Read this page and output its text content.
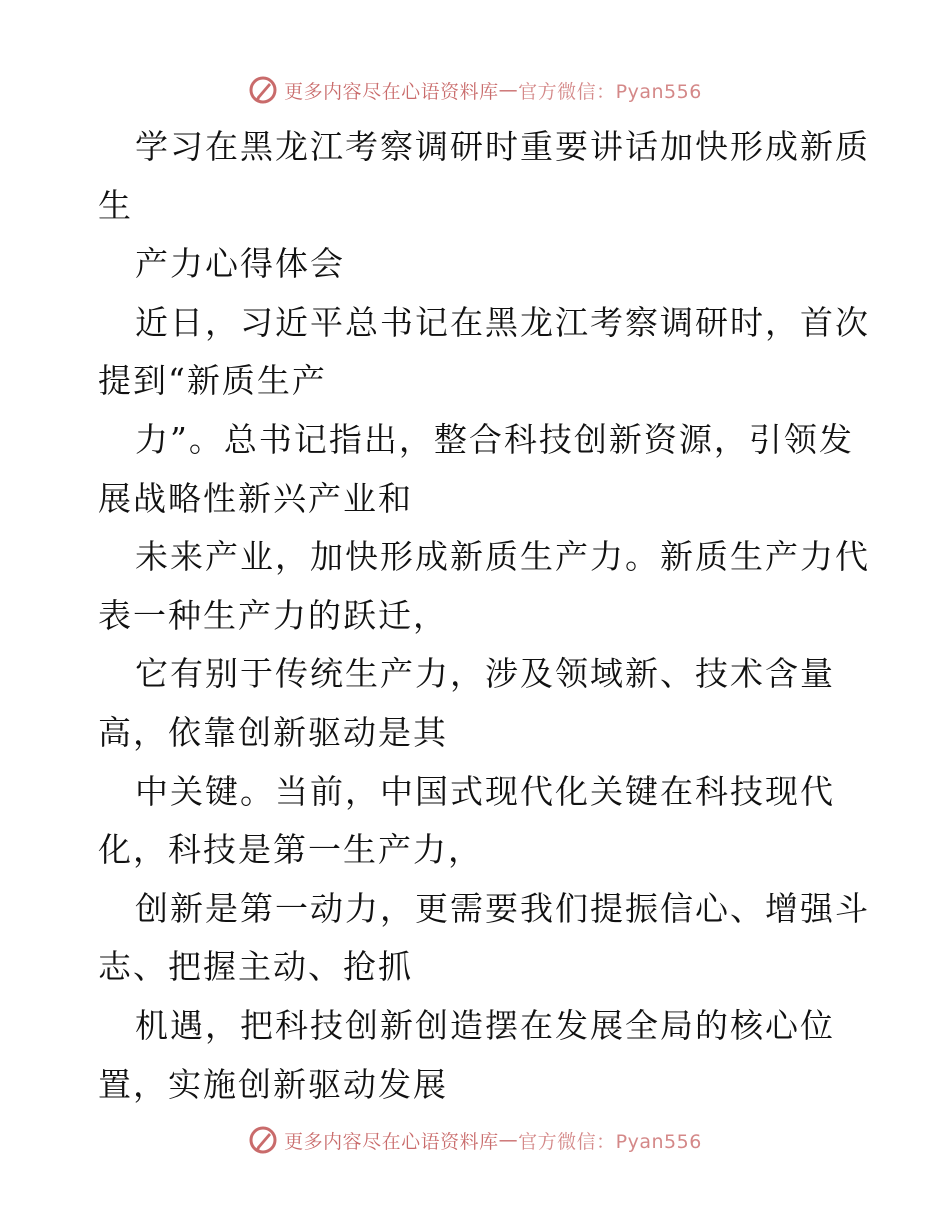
更多内容尽在心语资料库 — 官方微信：Pyan556
学习在黑龙江考察调研时重要讲话加快形成新质
生
产力心得体会
近日，习近平总书记在黑龙江考察调研时，首次
提到“新质生产
力”。总书记指出，整合科技创新资源，引领发
展战略性新兴产业和
未来产业，加快形成新质生产力。新质生产力代
表一种生产力的跃迁，
它有别于传统生产力，涉及领域新、技术含量
高，依靠创新驱动是其
中关键。当前，中国式现代化关键在科技现代
化，科技是第一生产力，
创新是第一动力，更需要我们提振信心、增强斗
志、把握主动、抢抓
机遇，把科技创新创造摆在发展全局的核心位
置，实施创新驱动发展
更多内容尽在心语资料库 — 官方微信：Pyan556
